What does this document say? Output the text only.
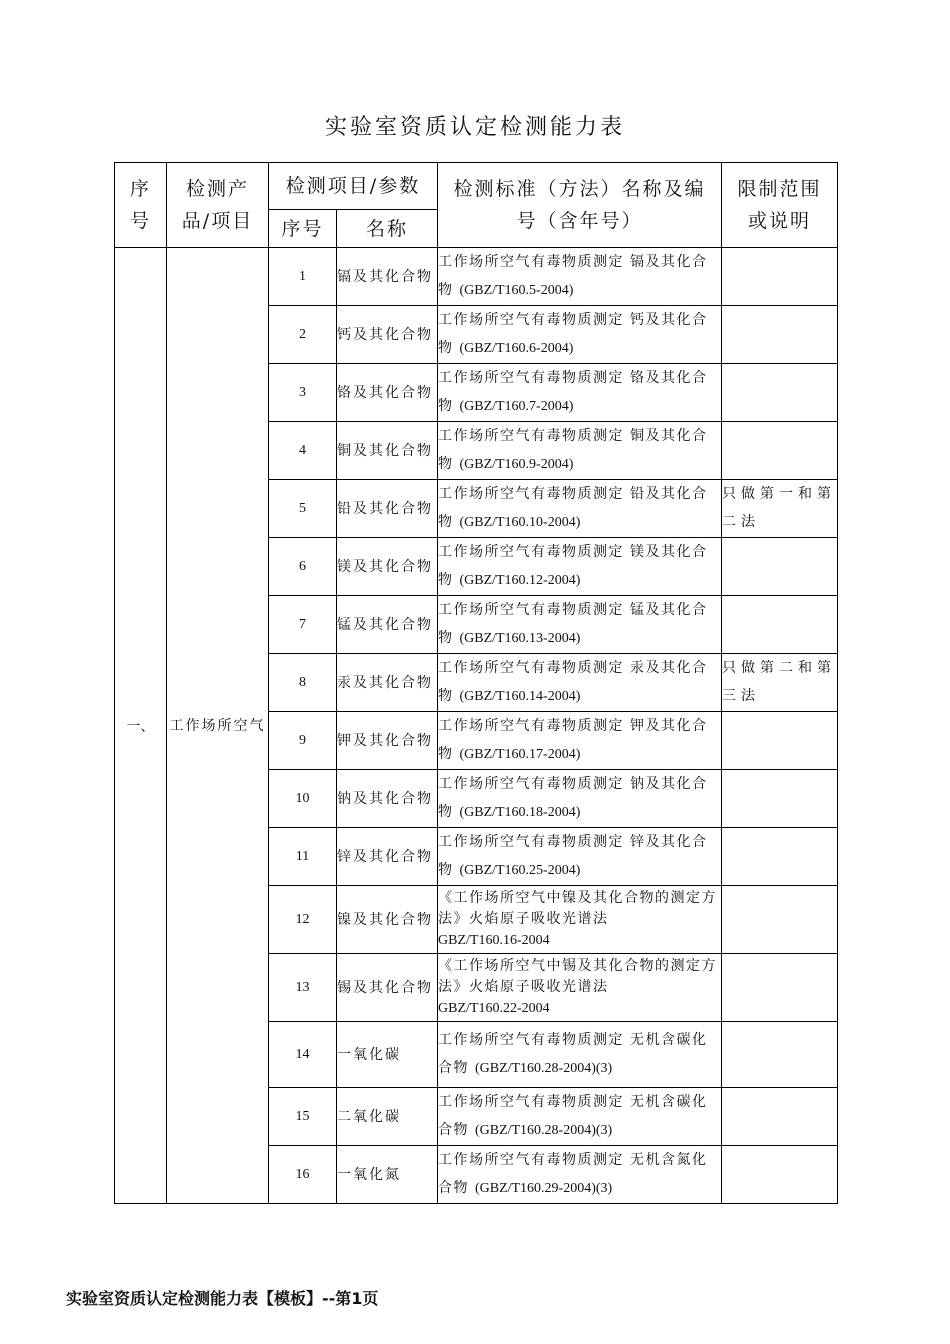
实验室资质认定检测能力表
序号	检测产品/项目	检测项目/参数		检测标准（方法）名称及编号（含年号）	限制范围或说明
		序号	名称		
一、	工作场所空气	1	镉及其化合物	工作场所空气有毒物质测定 镉及其化合物 (GBZ/T160.5-2004)	
		2	钙及其化合物	工作场所空气有毒物质测定 钙及其化合物 (GBZ/T160.6-2004)	
		3	铬及其化合物	工作场所空气有毒物质测定 铬及其化合物 (GBZ/T160.7-2004)	
		4	铜及其化合物	工作场所空气有毒物质测定 铜及其化合物 (GBZ/T160.9-2004)	
		5	铅及其化合物	工作场所空气有毒物质测定 铅及其化合物 (GBZ/T160.10-2004)	只做第一和第二法
		6	镁及其化合物	工作场所空气有毒物质测定 镁及其化合物 (GBZ/T160.12-2004)	
		7	锰及其化合物	工作场所空气有毒物质测定 锰及其化合物 (GBZ/T160.13-2004)	
		8	汞及其化合物	工作场所空气有毒物质测定 汞及其化合物 (GBZ/T160.14-2004)	只做第二和第三法
		9	钾及其化合物	工作场所空气有毒物质测定 钾及其化合物 (GBZ/T160.17-2004)	
		10	钠及其化合物	工作场所空气有毒物质测定 钠及其化合物 (GBZ/T160.18-2004)	
		11	锌及其化合物	工作场所空气有毒物质测定 锌及其化合物 (GBZ/T160.25-2004)	
		12	镍及其化合物	《工作场所空气中镍及其化合物的测定方法》火焰原子吸收光谱法
GBZ/T160.16-2004	
		13	锡及其化合物	《工作场所空气中锡及其化合物的测定方法》火焰原子吸收光谱法
GBZ/T160.22-2004	
		14	一氧化碳	工作场所空气有毒物质测定 无机含碳化合物 (GBZ/T160.28-2004)(3)	
		15	二氧化碳	工作场所空气有毒物质测定 无机含碳化合物 (GBZ/T160.28-2004)(3)	
		16	一氧化氮	工作场所空气有毒物质测定 无机含氮化合物 (GBZ/T160.29-2004)(3)	
实验室资质认定检测能力表【模板】--第1页
